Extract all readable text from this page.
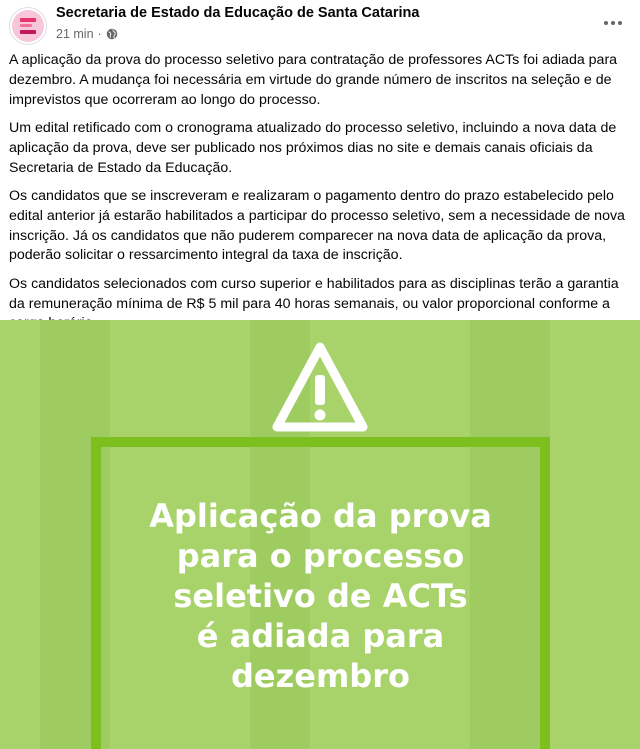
Secretaria de Estado da Educação de Santa Catarina
21 min ·

A aplicação da prova do processo seletivo para contratação de professores ACTs foi adiada para dezembro. A mudança foi necessária em virtude do grande número de inscritos na seleção e de imprevistos que ocorreram ao longo do processo.

Um edital retificado com o cronograma atualizado do processo seletivo, incluindo a nova data de aplicação da prova, deve ser publicado nos próximos dias no site e demais canais oficiais da Secretaria de Estado da Educação.

Os candidatos que se inscreveram e realizaram o pagamento dentro do prazo estabelecido pelo edital anterior já estarão habilitados a participar do processo seletivo, sem a necessidade de nova inscrição. Já os candidatos que não puderem comparecer na nova data de aplicação da prova, poderão solicitar o ressarcimento integral da taxa de inscrição.

Os candidatos selecionados com curso superior e habilitados para as disciplinas terão a garantia da remuneração mínima de R$ 5 mil para 40 horas semanais, ou valor proporcional conforme a

Aplicação da prova
para o processo
seletivo de ACTs
é adiada para
dezembro
